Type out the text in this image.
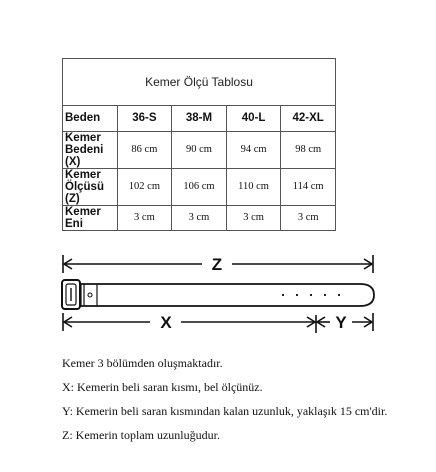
Kemer Ölçü Tablosu				
Beden	36-S	38-M	40-L	42-XL
Kemer Bedeni (X)	86 cm	90 cm	94 cm	98 cm
Kemer Ölçüsü (Z)	102 cm	106 cm	110 cm	114 cm
Kemer Eni	3 cm	3 cm	3 cm	3 cm
Z
X	Y
Kemer 3 bölümden oluşmaktadır.
X: Kemerin beli saran kısmı, bel ölçünüz.
Y: Kemerin beli saran kısmından kalan uzunluk, yaklaşık 15 cm'dir.
Z: Kemerin toplam uzunluğudur.
